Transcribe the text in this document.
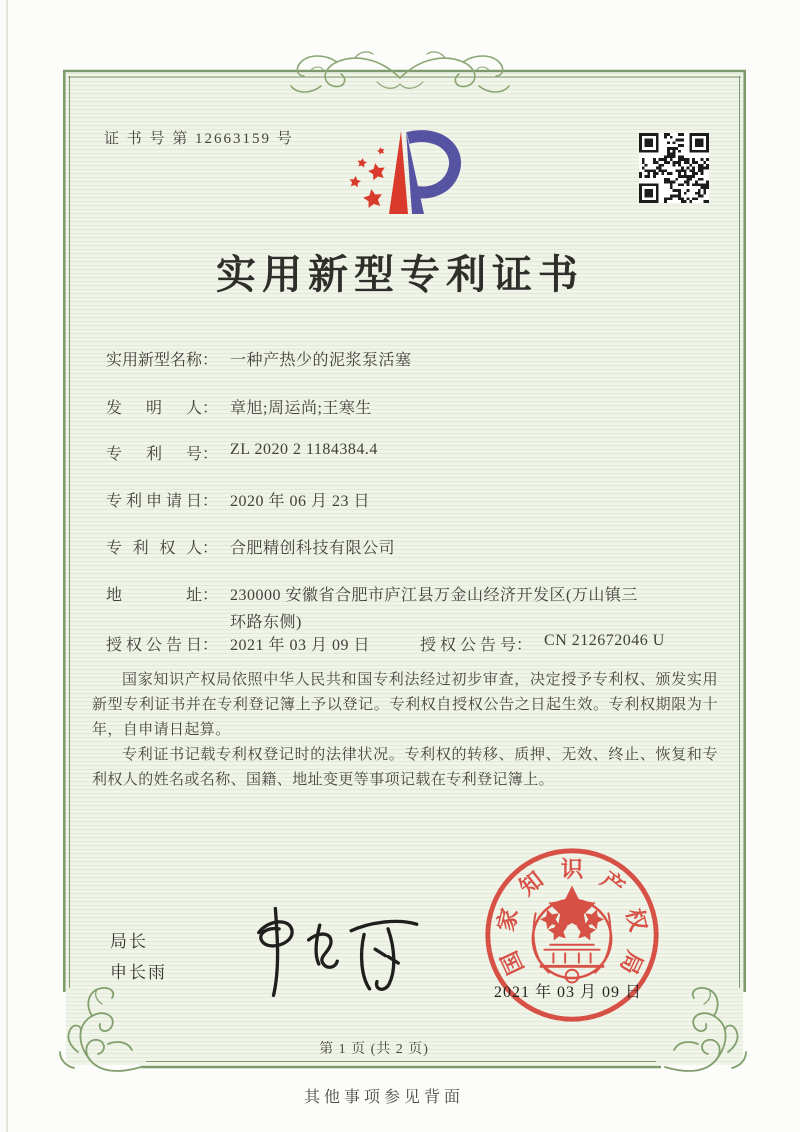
证 书 号 第 12663159 号
实用新型专利证书
实用新型名称： 一种产热少的泥浆泵活塞
发明人： 章旭;周运尚;王寒生
专利号： ZL 2020 2 1184384.4
专利申请日： 2020 年 06 月 23 日
专利权人： 合肥精创科技有限公司
地址： 230000 安徽省合肥市庐江县万金山经济开发区(万山镇三环路东侧)
授权公告日： 2021 年 03 月 09 日	授权公告号： CN 212672046 U

国家知识产权局依照中华人民共和国专利法经过初步审查，决定授予专利权、颁发实用新型专利证书并在专利登记簿上予以登记。专利权自授权公告之日起生效。专利权期限为十年，自申请日起算。

专利证书记载专利权登记时的法律状况。专利权的转移、质押、无效、终止、恢复和专利权人的姓名或名称、国籍、地址变更等事项记载在专利登记簿上。

局长
申长雨	国
家
知 识 产
权
局
2021 年 03 月 09 日
第 1 页 (共 2 页)
其他事项参见背面
